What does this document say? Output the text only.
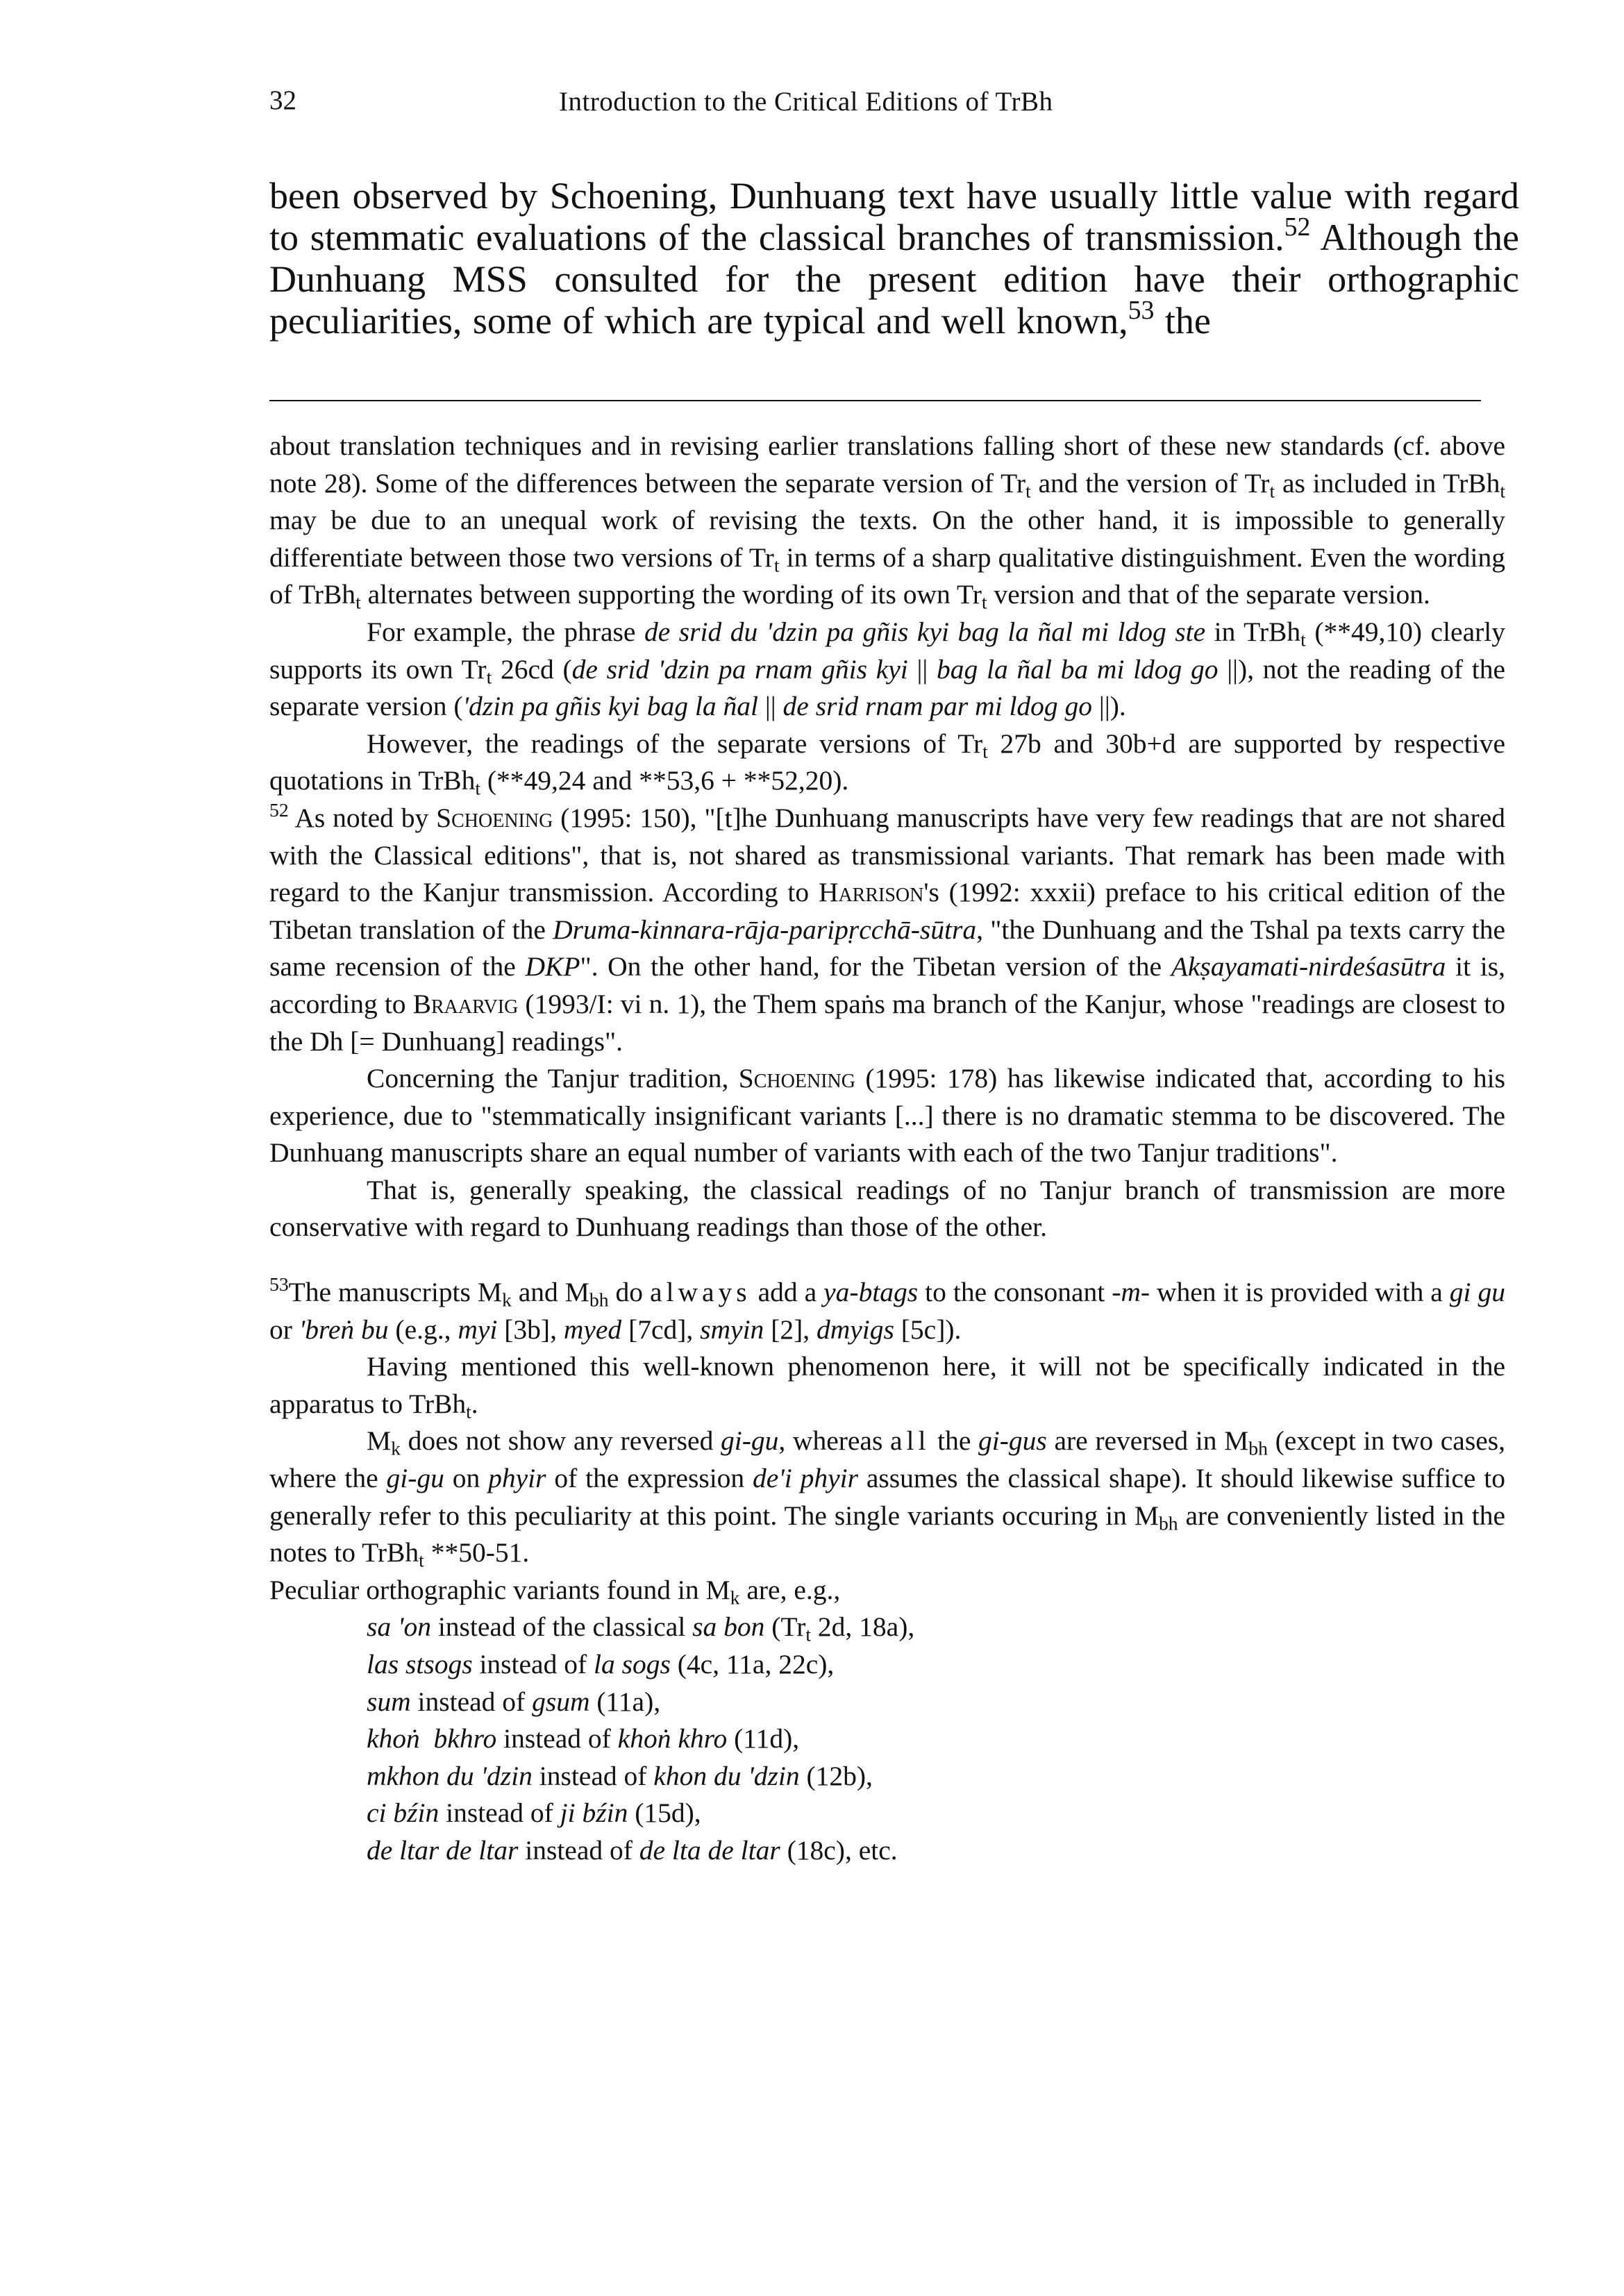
32	Introduction to the Critical Editions of TrBh

been observed by Schoening, Dunhuang text have usually little value with regard to stemmatic evaluations of the classical branches of transmission.$^{52}$ Although the Dunhuang MSS consulted for the present edition have their orthographic peculiarities, some of which are typical and well known,$^{53}$ the

about translation techniques and in revising earlier translations falling short of these new standards (cf. above note 28). Some of the differences between the separate version of $Tr_t$ and the version of $Tr_t$ as included in TrBh$_t$ may be due to an unequal work of revising the texts. On the other hand, it is impossible to generally differentiate between those two versions of $Tr_t$ in terms of a sharp qualitative distinguishment. Even the wording of TrBh$_t$ alternates between supporting the wording of its own $Tr_t$ version and that of the separate version.

For example, the phrase de srid du 'dzin pa gñis kyi bag la ñal mi ldog ste in TrBh$_t$ (**49,10) clearly supports its own $Tr_t$ 26cd (de srid 'dzin pa rnam gñis kyi || bag la ñal ba mi ldog go ||), not the reading of the separate version ('dzin pa gñis kyi bag la ñal || de srid rnam par mi ldog go ||).

However, the readings of the separate versions of $Tr_t$ 27b and 30b+d are supported by respective quotations in TrBh$_t$ (**49,24 and **53,6 + **52,20).

$^{52}$ As noted by Schoening (1995: 150), "[t]he Dunhuang manuscripts have very few readings that are not shared with the Classical editions", that is, not shared as transmissional variants. That remark has been made with regard to the Kanjur transmission. According to Harrison's (1992: xxxii) preface to his critical edition of the Tibetan translation of the Druma-kinnara-rāja-paripṛcchā-sūtra, "the Dunhuang and the Tshal pa texts carry the same recension of the DKP". On the other hand, for the Tibetan version of the Akṣayamati-nirdeśasūtra it is, according to Braarvig (1993/I: vi n. 1), the Them spaṅs ma branch of the Kanjur, whose "readings are closest to the Dh [= Dunhuang] readings".

Concerning the Tanjur tradition, Schoening (1995: 178) has likewise indicated that, according to his experience, due to "stemmatically insignificant variants [...] there is no dramatic stemma to be discovered. The Dunhuang manuscripts share an equal number of variants with each of the two Tanjur traditions".

That is, generally speaking, the classical readings of no Tanjur branch of transmission are more conservative with regard to Dunhuang readings than those of the other.

$^{53}$The manuscripts $M_k$ and $M_{bh}$ do always add a ya-btags to the consonant -m- when it is provided with a gi gu or 'breṅ bu (e.g., myi [3b], myed [7cd], smyin [2], dmyigs [5c]).

Having mentioned this well-known phenomenon here, it will not be specifically indicated in the apparatus to TrBh$_t$.

$M_k$ does not show any reversed gi-gu, whereas all the gi-gus are reversed in $M_{bh}$ (except in two cases, where the gi-gu on phyir of the expression de'i phyir assumes the classical shape). It should likewise suffice to generally refer to this peculiarity at this point. The single variants occuring in $M_{bh}$ are conveniently listed in the notes to TrBh$_t$ **50-51.

Peculiar orthographic variants found in $M_k$ are, e.g.,

sa 'on instead of the classical sa bon ($Tr_t$ 2d, 18a),

las stsogs instead of la sogs (4c, 11a, 22c),

sum instead of gsum (11a),

khoṅ  bkhro instead of khoṅ khro (11d),

mkhon du 'dzin instead of khon du 'dzin (12b),

ci bźin instead of ji bźin (15d),

de ltar de ltar instead of de lta de ltar (18c), etc.
